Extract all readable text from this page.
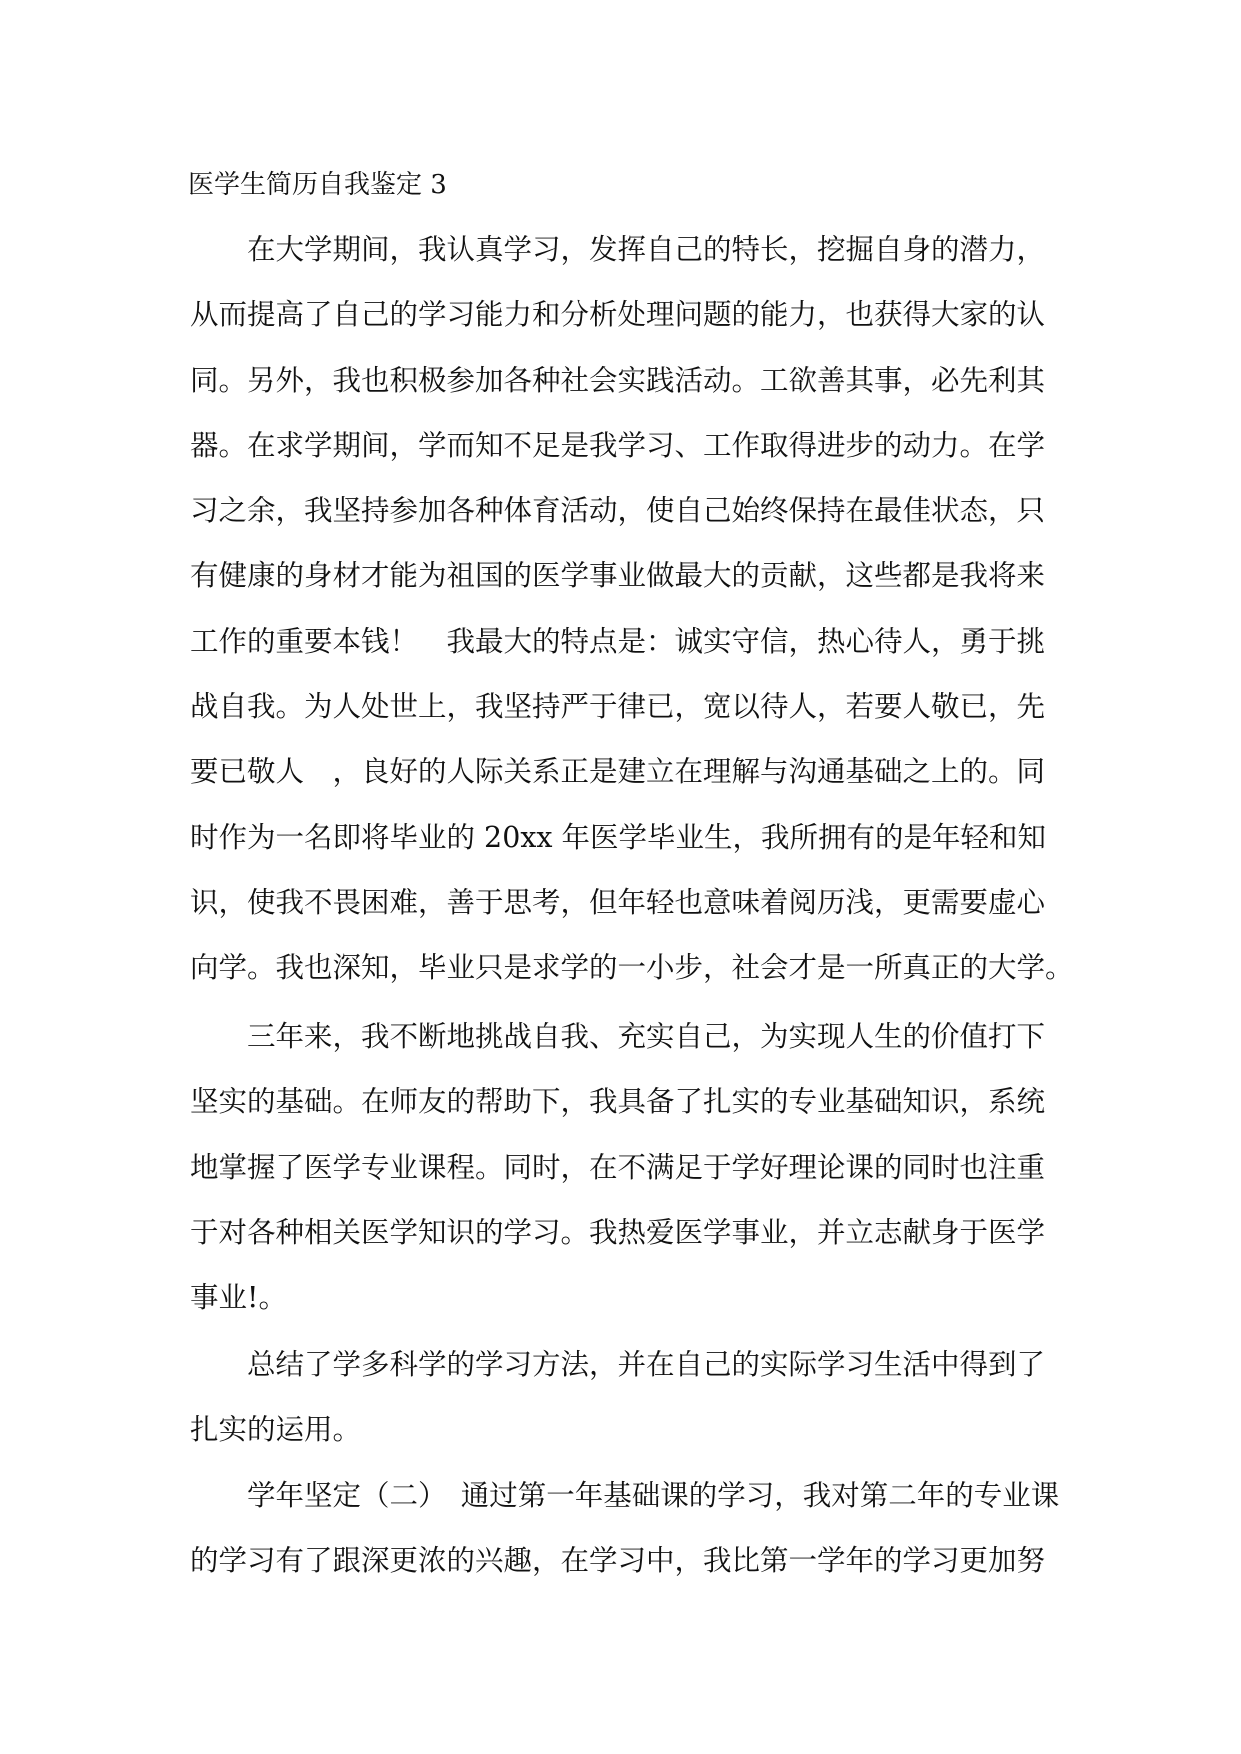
医学生简历自我鉴定 3
在大学期间，我认真学习，发挥自己的特长，挖掘自身的潜力，
从而提高了自己的学习能力和分析处理问题的能力，也获得大家的认
同。另外，我也积极参加各种社会实践活动。工欲善其事，必先利其
器。在求学期间，学而知不足是我学习、工作取得进步的动力。在学
习之余，我坚持参加各种体育活动，使自己始终保持在最佳状态，只
有健康的身材才能为祖国的医学事业做最大的贡献，这些都是我将来
工作的重要本钱！　我最大的特点是：诚实守信，热心待人，勇于挑
战自我。为人处世上，我坚持严于律已，宽以待人，若要人敬已，先
要已敬人　，良好的人际关系正是建立在理解与沟通基础之上的。同
时作为一名即将毕业的 20xx 年医学毕业生，我所拥有的是年轻和知
识，使我不畏困难，善于思考，但年轻也意味着阅历浅，更需要虚心
向学。我也深知，毕业只是求学的一小步，社会才是一所真正的大学。
三年来，我不断地挑战自我、充实自己，为实现人生的价值打下
坚实的基础。在师友的帮助下，我具备了扎实的专业基础知识，系统
地掌握了医学专业课程。同时，在不满足于学好理论课的同时也注重
于对各种相关医学知识的学习。我热爱医学事业，并立志献身于医学
事业!。
总结了学多科学的学习方法，并在自己的实际学习生活中得到了
扎实的运用。
学年坚定（二）　通过第一年基础课的学习，我对第二年的专业课
的学习有了跟深更浓的兴趣，在学习中，我比第一学年的学习更加努
